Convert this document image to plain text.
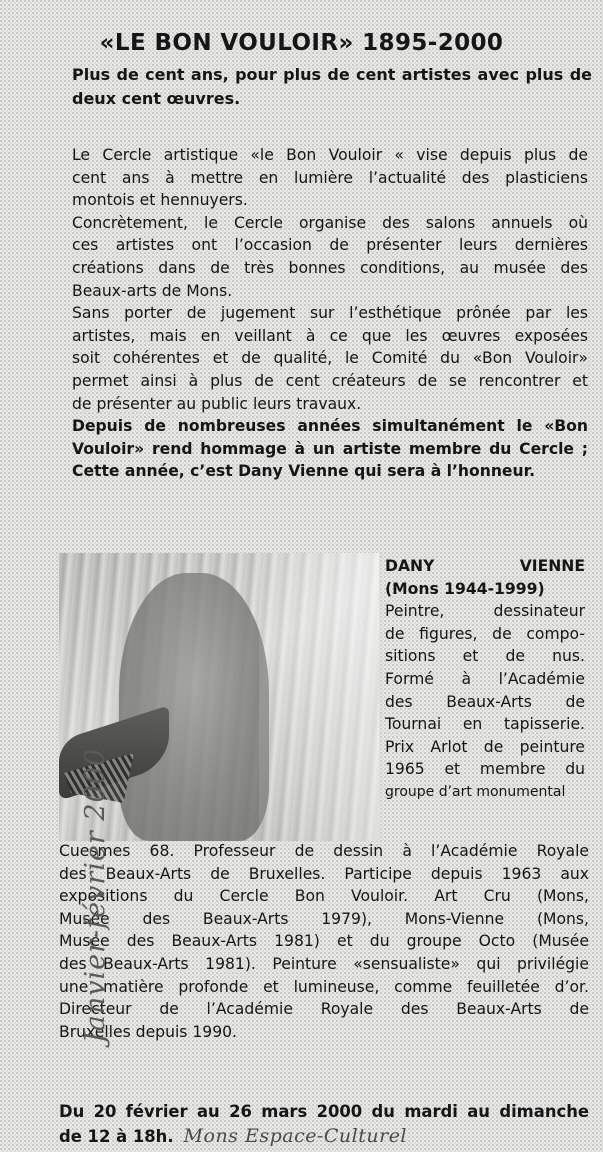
«LE BON VOULOIR» 1895-2000
Plus de cent ans, pour plus de cent artistes avec plus de
deux cent œuvres.

Le Cercle artistique «le Bon Vouloir « vise depuis plus de
cent ans à mettre en lumière l’actualité des plasticiens
montois et hennuyers.

Concrètement, le Cercle organise des salons annuels où
ces artistes ont l’occasion de présenter leurs dernières
créations dans de très bonnes conditions, au musée des
Beaux-arts de Mons.

Sans porter de jugement sur l’esthétique prônée par les
artistes, mais en veillant à ce que les œuvres exposées
soit cohérentes et de qualité, le Comité du «Bon Vouloir»
permet ainsi à plus de cent créateurs de se rencontrer et
de présenter au public leurs travaux.

Depuis de nombreuses années simultanément le «Bon
Vouloir» rend hommage à un artiste membre du Cercle ;
Cette année, c’est Dany Vienne qui sera à l’honneur.

DANY VIENNE
(Mons 1944-1999)
Peintre, dessinateur
de figures, de compo-
sitions et de nus.
Formé à l’Académie
des Beaux-Arts de
Tournai en tapisserie.
Prix Arlot de peinture
1965 et membre du
groupe d’art monumental
Cuesmes 68. Professeur de dessin à l’Académie Royale
des Beaux-Arts de Bruxelles. Participe depuis 1963 aux
expositions du Cercle Bon Vouloir. Art Cru (Mons,
Musée des Beaux-Arts 1979), Mons-Vienne (Mons,
Musée des Beaux-Arts 1981) et du groupe Octo (Musée
des Beaux-Arts 1981). Peinture «sensualiste» qui privilégie
une matière profonde et lumineuse, comme feuilletée d’or.
Directeur de l’Académie Royale des Beaux-Arts de
Bruxelles depuis 1990.
Du 20 février au 26 mars 2000 du mardi au dimanche
de 12 à 18h. Mons Espace-Culturel
Janvier-février 2000
